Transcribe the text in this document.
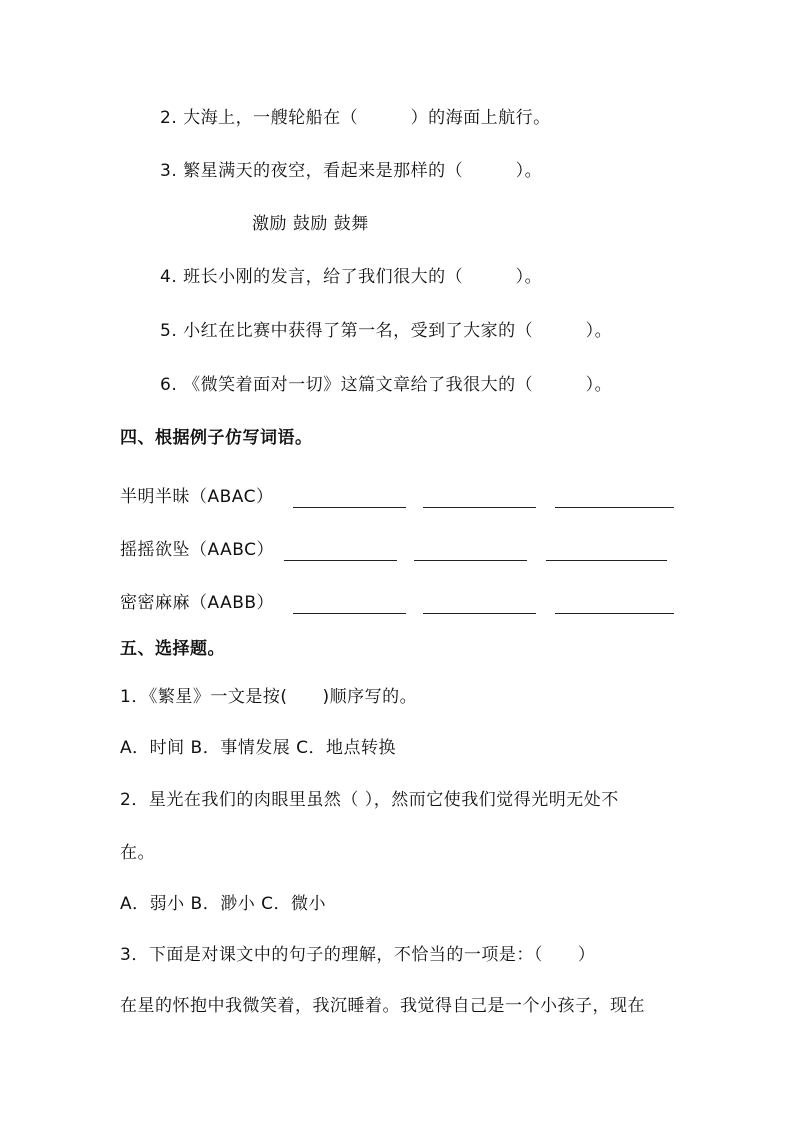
2. 大海上，一艘轮船在（　　　）的海面上航行。
3. 繁星满天的夜空，看起来是那样的（　　　）。
激励 鼓励 鼓舞
4. 班长小刚的发言，给了我们很大的（　　　）。
5. 小红在比赛中获得了第一名，受到了大家的（　　　）。
6. 《微笑着面对一切》这篇文章给了我很大的（　　　）。
四、根据例子仿写词语。
半明半昧（ABAC）
摇摇欲坠（AABC）
密密麻麻（AABB）
五、选择题。
1．《繁星》一文是按(　　)顺序写的。
A．时间 B．事情发展 C．地点转换
2．星光在我们的肉眼里虽然（ ），然而它使我们觉得光明无处不
在。
A．弱小 B．渺小 C．微小
3．下面是对课文中的句子的理解，不恰当的一项是：（　　）
在星的怀抱中我微笑着，我沉睡着。我觉得自己是一个小孩子，现在
